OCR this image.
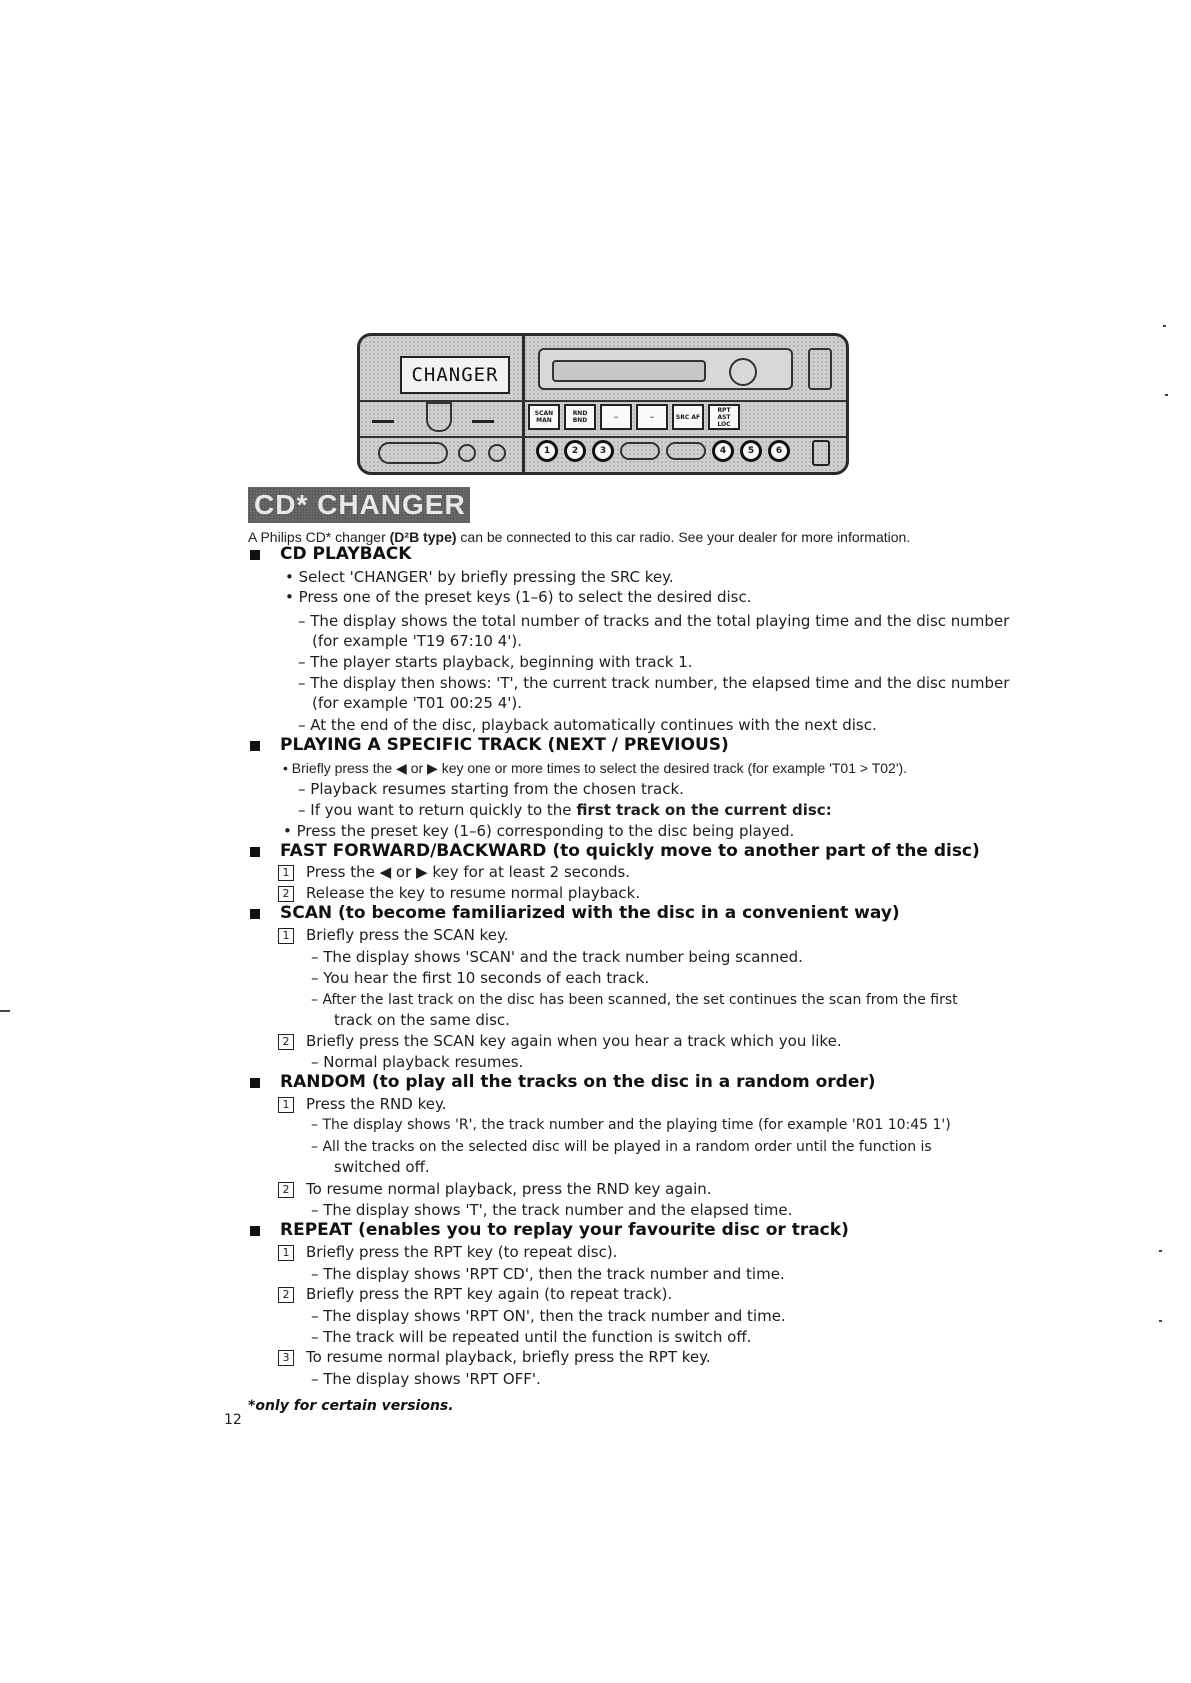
CHANGER
SCAN MAN
RND BND	−	−	SRC AF
RPT AST LOC
1	2	3	4	5	6
CD* CHANGER
A Philips CD* changer (D²B type) can be connected to this car radio. See your dealer for more information.
CD PLAYBACK
• Select 'CHANGER' by briefly pressing the SRC key.
• Press one of the preset keys (1–6) to select the desired disc.
– The display shows the total number of tracks and the total playing time and the disc number
(for example 'T19 67:10 4').
– The player starts playback, beginning with track 1.
– The display then shows: 'T', the current track number, the elapsed time and the disc number
(for example 'T01 00:25 4').
– At the end of the disc, playback automatically continues with the next disc.
PLAYING A SPECIFIC TRACK (NEXT / PREVIOUS)
• Briefly press the ◀ or ▶ key one or more times to select the desired track (for example 'T01 > T02').
– Playback resumes starting from the chosen track.
– If you want to return quickly to the first track on the current disc:
• Press the preset key (1–6) corresponding to the disc being played.
FAST FORWARD/BACKWARD (to quickly move to another part of the disc)
1 Press the ◀ or ▶ key for at least 2 seconds.
2 Release the key to resume normal playback.
SCAN (to become familiarized with the disc in a convenient way)
1 Briefly press the SCAN key.
– The display shows 'SCAN' and the track number being scanned.
– You hear the first 10 seconds of each track.
– After the last track on the disc has been scanned, the set continues the scan from the first
track on the same disc.
2 Briefly press the SCAN key again when you hear a track which you like.
– Normal playback resumes.
RANDOM (to play all the tracks on the disc in a random order)
1 Press the RND key.
– The display shows 'R', the track number and the playing time (for example 'R01 10:45 1')
– All the tracks on the selected disc will be played in a random order until the function is
switched off.
2 To resume normal playback, press the RND key again.
– The display shows 'T', the track number and the elapsed time.
REPEAT (enables you to replay your favourite disc or track)
1 Briefly press the RPT key (to repeat disc).
– The display shows 'RPT CD', then the track number and time.
2 Briefly press the RPT key again (to repeat track).
– The display shows 'RPT ON', then the track number and time.
– The track will be repeated until the function is switch off.
3 To resume normal playback, briefly press the RPT key.
– The display shows 'RPT OFF'.
*only for certain versions.
12
